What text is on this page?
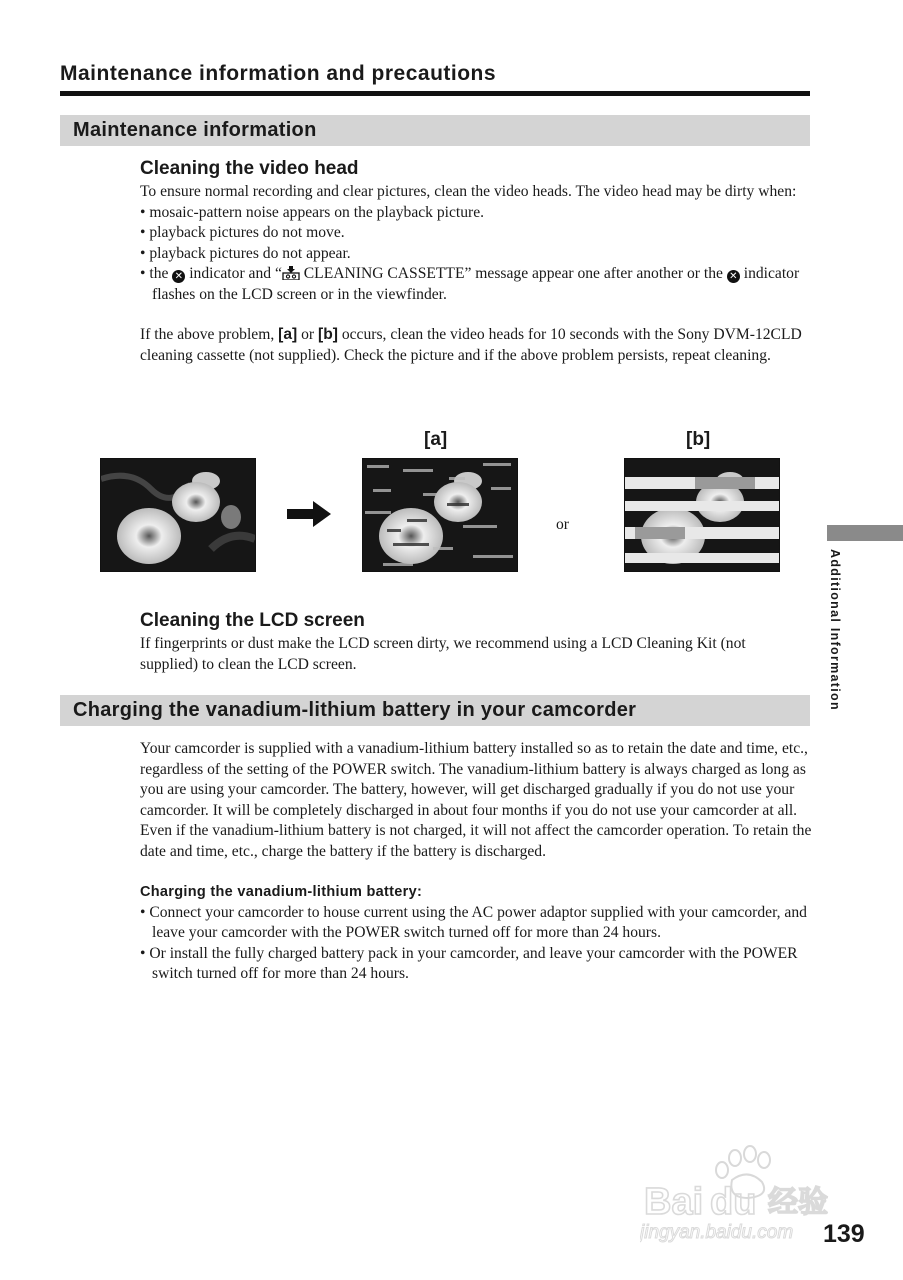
Maintenance information and precautions
Maintenance information
Cleaning the video head

To ensure normal recording and clear pictures, clean the video heads. The video head may be dirty when:

• mosaic-pattern noise appears on the playback picture.
• playback pictures do not move.
• playback pictures do not appear.
• the ✕ indicator and “ CLEANING CASSETTE” message appear one after another or the ✕ indicator flashes on the LCD screen or in the viewfinder.

If the above problem, [a] or [b] occurs, clean the video heads for 10 seconds with the Sony DVM-12CLD cleaning cassette (not supplied). Check the picture and if the above problem persists, repeat cleaning.

[a]	[b]
or
Cleaning the LCD screen

If fingerprints or dust make the LCD screen dirty, we recommend using a LCD Cleaning Kit (not supplied) to clean the LCD screen.

Charging the vanadium-lithium battery in your camcorder

Your camcorder is supplied with a vanadium-lithium battery installed so as to retain the date and time, etc., regardless of the setting of the POWER switch. The vanadium-lithium battery is always charged as long as you are using your camcorder. The battery, however, will get discharged gradually if you do not use your camcorder. It will be completely discharged in about four months if you do not use your camcorder at all. Even if the vanadium-lithium battery is not charged, it will not affect the camcorder operation. To retain the date and time, etc., charge the battery if the battery is discharged.

Charging the vanadium-lithium battery:

• Connect your camcorder to house current using the AC power adaptor supplied with your camcorder, and leave your camcorder with the POWER switch turned off for more than 24 hours.
• Or install the fully charged battery pack in your camcorder, and leave your camcorder with the POWER switch turned off for more than 24 hours.
Additional Information
Bai du 经验
jingyan.baidu.com 139
